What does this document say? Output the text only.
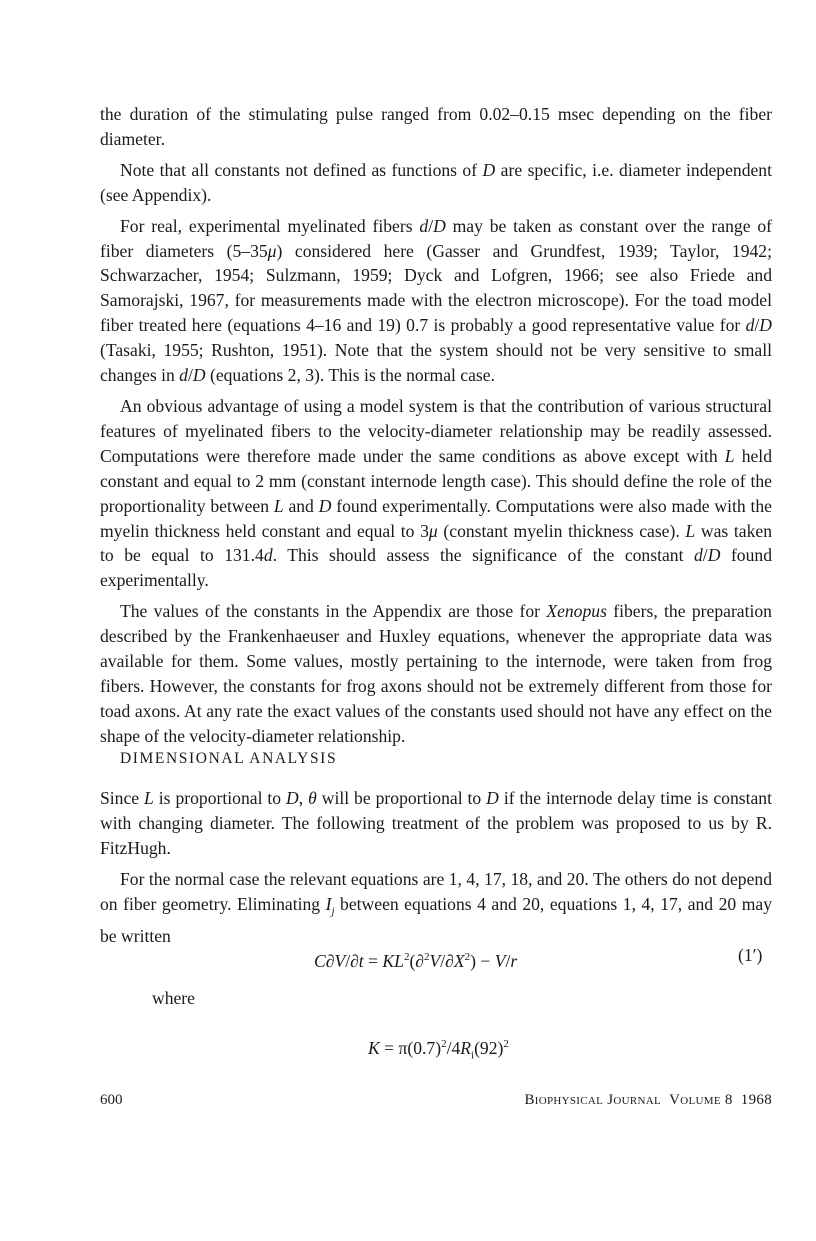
the duration of the stimulating pulse ranged from 0.02–0.15 msec depending on the fiber diameter.

Note that all constants not defined as functions of D are specific, i.e. diameter independent (see Appendix).

For real, experimental myelinated fibers d/D may be taken as constant over the range of fiber diameters (5–35μ) considered here (Gasser and Grundfest, 1939; Taylor, 1942; Schwarzacher, 1954; Sulzmann, 1959; Dyck and Lofgren, 1966; see also Friede and Samorajski, 1967, for measurements made with the electron microscope). For the toad model fiber treated here (equations 4–16 and 19) 0.7 is probably a good representative value for d/D (Tasaki, 1955; Rushton, 1951). Note that the system should not be very sensitive to small changes in d/D (equations 2, 3). This is the normal case.

An obvious advantage of using a model system is that the contribution of various structural features of myelinated fibers to the velocity-diameter relationship may be readily assessed. Computations were therefore made under the same conditions as above except with L held constant and equal to 2 mm (constant internode length case). This should define the role of the proportionality between L and D found experimentally. Computations were also made with the myelin thickness held constant and equal to 3μ (constant myelin thickness case). L was taken to be equal to 131.4d. This should assess the significance of the constant d/D found experimentally.

The values of the constants in the Appendix are those for Xenopus fibers, the preparation described by the Frankenhaeuser and Huxley equations, whenever the appropriate data was available for them. Some values, mostly pertaining to the internode, were taken from frog fibers. However, the constants for frog axons should not be extremely different from those for toad axons. At any rate the exact values of the constants used should not have any effect on the shape of the velocity-diameter relationship.

DIMENSIONAL ANALYSIS

Since L is proportional to D, θ will be proportional to D if the internode delay time is constant with changing diameter. The following treatment of the problem was proposed to us by R. FitzHugh.

For the normal case the relevant equations are 1, 4, 17, 18, and 20. The others do not depend on fiber geometry. Eliminating $I_j$ between equations 4 and 20, equations 1, 4, 17, and 20 may be written

$C\partial V/\partial t = KL^2(\partial^2V/\partial X^2) - V/r$	(1′)
where
$K = \pi(0.7)^2/4R_i(92)^2$
600	Biophysical Journal Volume 8 1968
